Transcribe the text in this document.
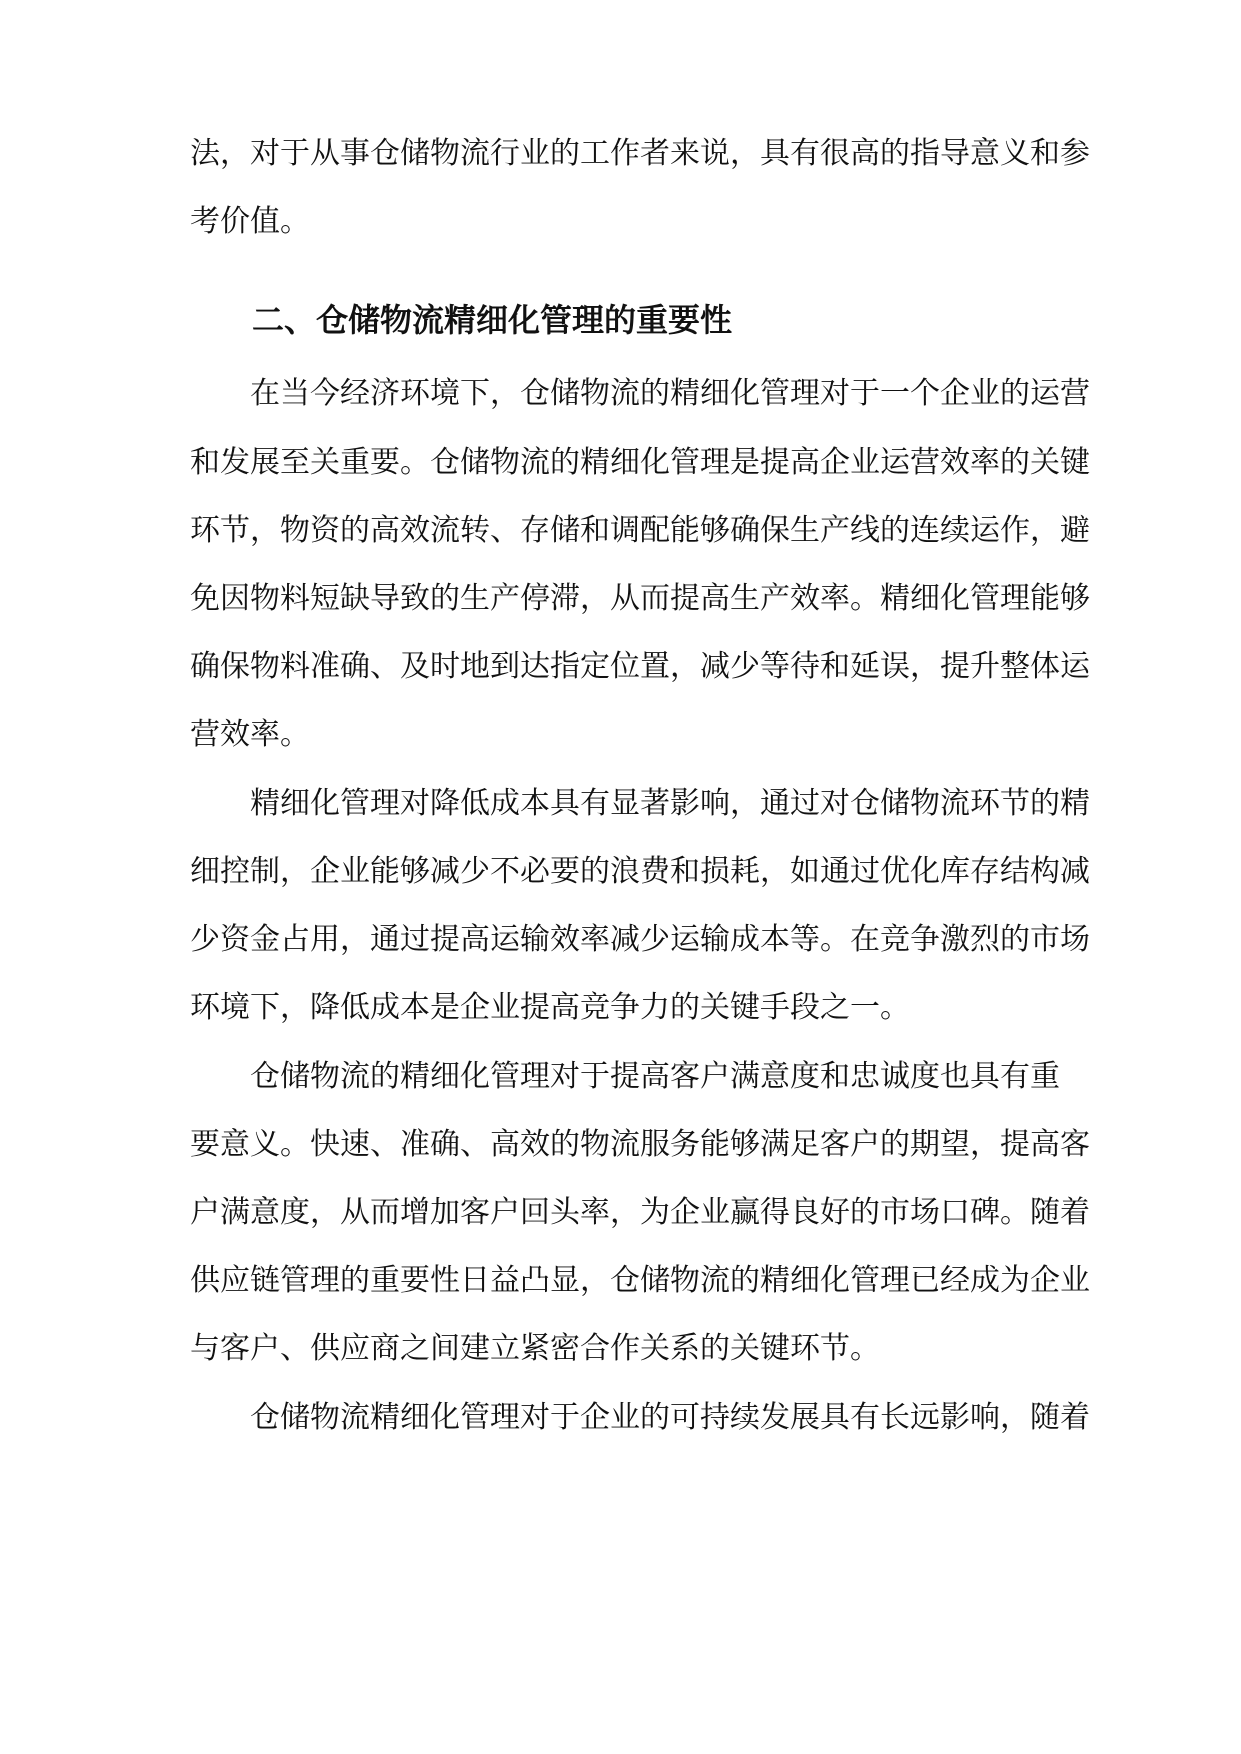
法，对于从事仓储物流行业的工作者来说，具有很高的指导意义和参
考价值。
二、仓储物流精细化管理的重要性
在当今经济环境下，仓储物流的精细化管理对于一个企业的运营
和发展至关重要。仓储物流的精细化管理是提高企业运营效率的关键
环节，物资的高效流转、存储和调配能够确保生产线的连续运作，避
免因物料短缺导致的生产停滞，从而提高生产效率。精细化管理能够
确保物料准确、及时地到达指定位置，减少等待和延误，提升整体运
营效率。
精细化管理对降低成本具有显著影响，通过对仓储物流环节的精
细控制，企业能够减少不必要的浪费和损耗，如通过优化库存结构减
少资金占用，通过提高运输效率减少运输成本等。在竞争激烈的市场
环境下，降低成本是企业提高竞争力的关键手段之一。
仓储物流的精细化管理对于提高客户满意度和忠诚度也具有重
要意义。快速、准确、高效的物流服务能够满足客户的期望，提高客
户满意度，从而增加客户回头率，为企业赢得良好的市场口碑。随着
供应链管理的重要性日益凸显，仓储物流的精细化管理已经成为企业
与客户、供应商之间建立紧密合作关系的关键环节。
仓储物流精细化管理对于企业的可持续发展具有长远影响，随着
